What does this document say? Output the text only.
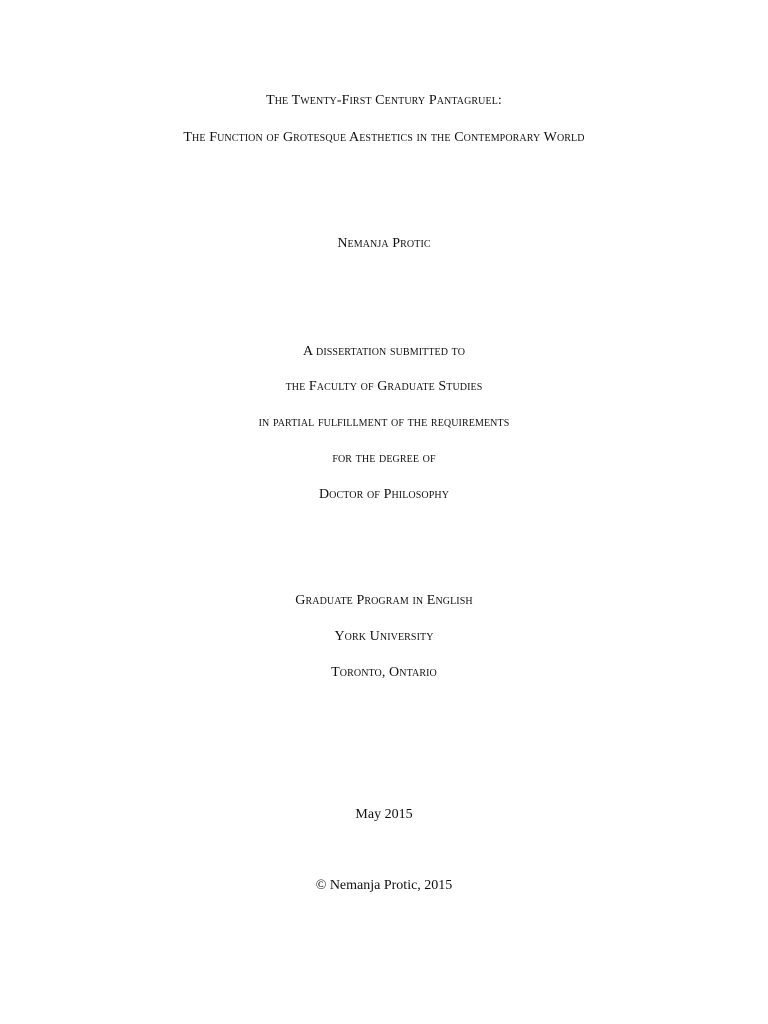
The Twenty-First Century Pantagruel:
The Function of Grotesque Aesthetics in the Contemporary World
Nemanja Protic
A dissertation submitted to
the Faculty of Graduate Studies
in partial fulfillment of the requirements
for the degree of
Doctor of Philosophy
Graduate Program in English
York University
Toronto, Ontario
May 2015
© Nemanja Protic, 2015
